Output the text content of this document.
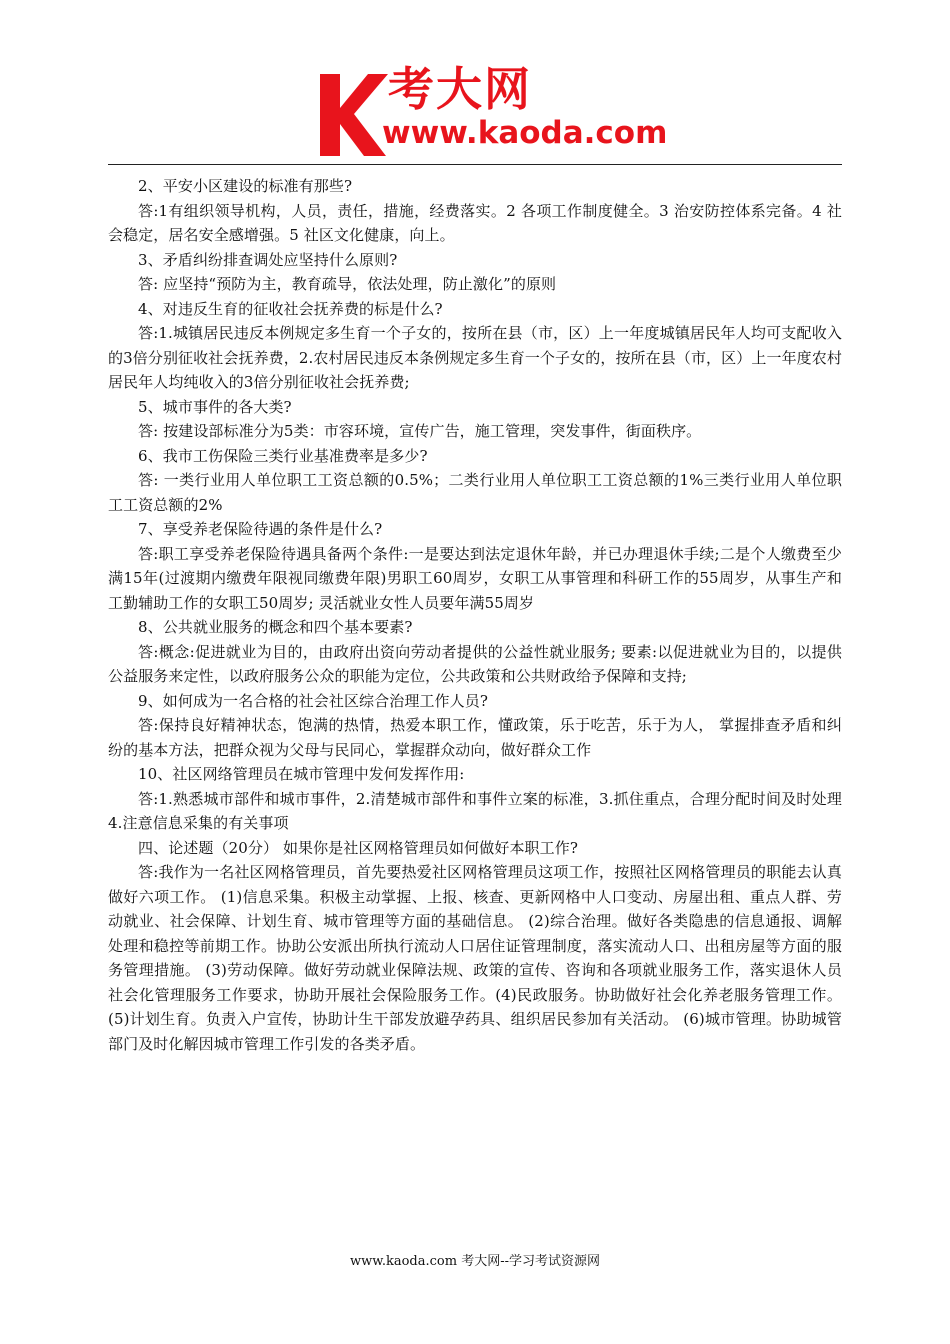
考大网
www.kaoda.com

2、平安小区建设的标准有那些?

答:1有组织领导机构，人员，责任，措施，经费落实。2 各项工作制度健全。3 治安防控体系完备。4 社会稳定，居名安全感增强。5 社区文化健康，向上。

3、矛盾纠纷排查调处应坚持什么原则?

答: 应坚持“预防为主，教育疏导，依法处理，防止激化”的原则

4、对违反生育的征收社会抚养费的标是什么?

答:1.城镇居民违反本例规定多生育一个子女的，按所在县（市，区）上一年度城镇居民年人均可支配收入的3倍分别征收社会抚养费，2.农村居民违反本条例规定多生育一个子女的，按所在县（市，区）上一年度农村居民年人均纯收入的3倍分别征收社会抚养费;

5、城市事件的各大类?

答: 按建设部标准分为5类：市容环境，宣传广告，施工管理，突发事件，街面秩序。

6、我市工伤保险三类行业基准费率是多少?

答: 一类行业用人单位职工工资总额的0.5%；二类行业用人单位职工工资总额的1%三类行业用人单位职工工资总额的2%

7、享受养老保险待遇的条件是什么?

答:职工享受养老保险待遇具备两个条件:一是要达到法定退休年龄，并已办理退休手续;二是个人缴费至少满15年(过渡期内缴费年限视同缴费年限)男职工60周岁，女职工从事管理和科研工作的55周岁，从事生产和工勤辅助工作的女职工50周岁; 灵活就业女性人员要年满55周岁

8、公共就业服务的概念和四个基本要素?

答:概念:促进就业为目的，由政府出资向劳动者提供的公益性就业服务; 要素:以促进就业为目的，以提供公益服务来定性，以政府服务公众的职能为定位，公共政策和公共财政给予保障和支持;

9、如何成为一名合格的社会社区综合治理工作人员?

答:保持良好精神状态，饱满的热情，热爱本职工作，懂政策，乐于吃苦，乐于为人， 掌握排查矛盾和纠纷的基本方法，把群众视为父母与民同心，掌握群众动向，做好群众工作

10、社区网络管理员在城市管理中发何发挥作用:

答:1.熟悉城市部件和城市事件，2.清楚城市部件和事件立案的标准，3.抓住重点，合理分配时间及时处理4.注意信息采集的有关事项

四、论述题（20分） 如果你是社区网格管理员如何做好本职工作?

答:我作为一名社区网格管理员，首先要热爱社区网格管理员这项工作，按照社区网格管理员的职能去认真做好六项工作。 (1)信息采集。积极主动掌握、上报、核查、更新网格中人口变动、房屋出租、重点人群、劳动就业、社会保障、计划生育、城市管理等方面的基础信息。 (2)综合治理。做好各类隐患的信息通报、调解处理和稳控等前期工作。协助公安派出所执行流动人口居住证管理制度，落实流动人口、出租房屋等方面的服务管理措施。 (3)劳动保障。做好劳动就业保障法规、政策的宣传、咨询和各项就业服务工作，落实退休人员社会化管理服务工作要求，协助开展社会保险服务工作。(4)民政服务。协助做好社会化养老服务管理工作。 (5)计划生育。负责入户宣传，协助计生干部发放避孕药具、组织居民参加有关活动。 (6)城市管理。协助城管部门及时化解因城市管理工作引发的各类矛盾。

www.kaoda.com 考大网--学习考试资源网
